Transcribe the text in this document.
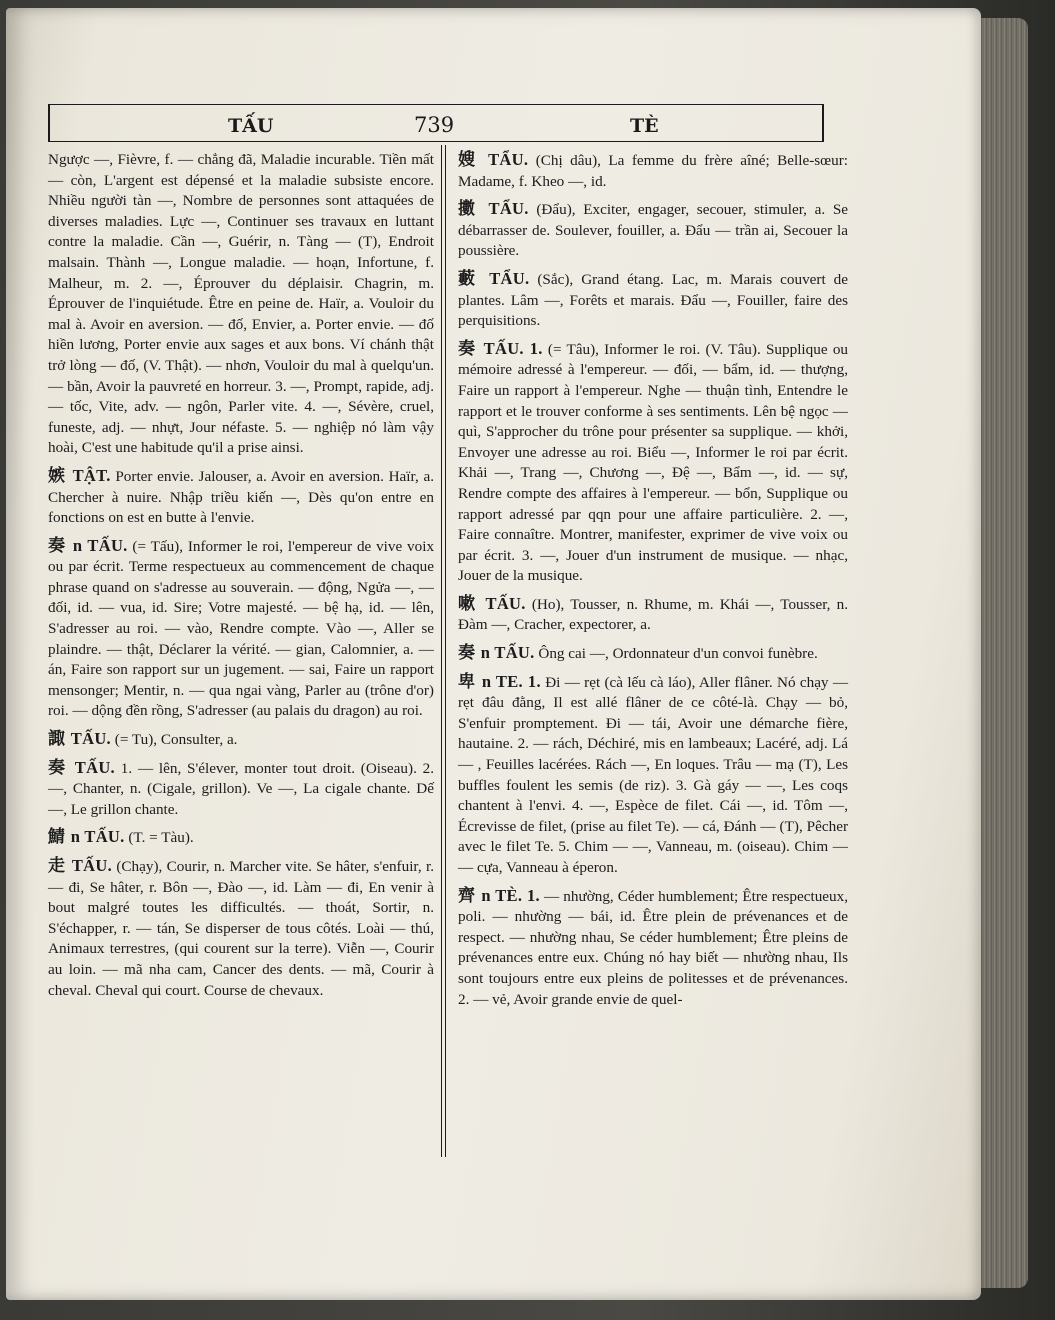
TẤU	739	TÈ

Ngược —, Fièvre, f. — chẳng đã, Maladie incurable. Tiền mất — còn, L'argent est dépensé et la maladie subsiste encore. Nhiều người tàn —, Nombre de personnes sont attaquées de diverses maladies. Lực —, Continuer ses travaux en luttant contre la maladie. Cần —, Guérir, n. Tàng — (T), Endroit malsain. Thành —, Longue maladie. — hoạn, Infortune, f. Malheur, m. 2. —, Éprouver du déplaisir. Chagrin, m. Éprouver de l'inquiétude. Être en peine de. Haïr, a. Vouloir du mal à. Avoir en aversion. — đố, Envier, a. Porter envie. — đố hiền lương, Porter envie aux sages et aux bons. Ví chánh thật trở lòng — đố, (V. Thật). — nhơn, Vouloir du mal à quelqu'un. — bần, Avoir la pauvreté en horreur. 3. —, Prompt, rapide, adj. — tốc, Vite, adv. — ngôn, Parler vite. 4. —, Sévère, cruel, funeste, adj. — nhựt, Jour néfaste. 5. — nghiệp nó làm vậy hoài, C'est une habitude qu'il a prise ainsi.

嫉 TẬT. Porter envie. Jalouser, a. Avoir en aversion. Haïr, a. Chercher à nuire. Nhập triều kiến —, Dès qu'on entre en fonctions on est en butte à l'envie.

奏 n TẤU. (= Tấu), Informer le roi, l'empereur de vive voix ou par écrit. Terme respectueux au commencement de chaque phrase quand on s'adresse au souverain. — động, Ngửa —, — đối, id. — vua, id. Sire; Votre majesté. — bệ hạ, id. — lên, S'adresser au roi. — vào, Rendre compte. Vào —, Aller se plaindre. — thật, Déclarer la vérité. — gian, Calomnier, a. — án, Faire son rapport sur un jugement. — sai, Faire un rapport mensonger; Mentir, n. — qua ngai vàng, Parler au (trône d'or) roi. — dộng đền rồng, S'adresser (au palais du dragon) au roi.

諏 TẤU. (= Tu), Consulter, a.

奏 TẤU. 1. — lên, S'élever, monter tout droit. (Oiseau). 2. —, Chanter, n. (Cigale, grillon). Ve —, La cigale chante. Dế —, Le grillon chante.

鯖 n TẤU. (T. = Tàu).

走 TẤU. (Chạy), Courir, n. Marcher vite. Se hâter, s'enfuir, r. — đi, Se hâter, r. Bôn —, Đào —, id. Làm — đi, En venir à bout malgré toutes les difficultés. — thoát, Sortir, n. S'échapper, r. — tán, Se disperser de tous côtés. Loài — thú, Animaux terrestres, (qui courent sur la terre). Viễn —, Courir au loin. — mã nha cam, Cancer des dents. — mã, Courir à cheval. Cheval qui court. Course de chevaux.

嫂 TẨU. (Chị dâu), La femme du frère aîné; Belle-sœur: Madame, f. Kheo —, id.

擻 TẨU. (Đẩu), Exciter, engager, secouer, stimuler, a. Se débarrasser de. Soulever, fouiller, a. Đẩu — trần ai, Secouer la poussière.

藪 TẨU. (Sắc), Grand étang. Lac, m. Marais couvert de plantes. Lâm —, Forêts et marais. Đẩu —, Fouiller, faire des perquisitions.

奏 TẤU. 1. (= Tâu), Informer le roi. (V. Tâu). Supplique ou mémoire adressé à l'empereur. — đối, — bẩm, id. — thượng, Faire un rapport à l'empereur. Nghe — thuận tình, Entendre le rapport et le trouver conforme à ses sentiments. Lên bệ ngọc — quì, S'approcher du trône pour présenter sa supplique. — khởi, Envoyer une adresse au roi. Biểu —, Informer le roi par écrit. Khải —, Trang —, Chương —, Đệ —, Bẩm —, id. — sự, Rendre compte des affaires à l'empereur. — bổn, Supplique ou rapport adressé par qqn pour une affaire particulière. 2. —, Faire connaître. Montrer, manifester, exprimer de vive voix ou par écrit. 3. —, Jouer d'un instrument de musique. — nhạc, Jouer de la musique.

嗽 TẤU. (Ho), Tousser, n. Rhume, m. Khái —, Tousser, n. Đàm —, Cracher, expectorer, a.

奏 n TẤU. Ông cai —, Ordonnateur d'un convoi funèbre.

卑 n TE. 1. Đi — rẹt (cà lếu cà láo), Aller flâner. Nó chạy — rẹt đâu đằng, Il est allé flâner de ce côté-là. Chạy — bỏ, S'enfuir promptement. Đi — tái, Avoir une démarche fière, hautaine. 2. — rách, Déchiré, mis en lambeaux; Lacéré, adj. Lá — , Feuilles lacérées. Rách —, En loques. Trâu — mạ (T), Les buffles foulent les semis (de riz). 3. Gà gáy — —, Les coqs chantent à l'envi. 4. —, Espèce de filet. Cái —, id. Tôm —, Écrevisse de filet, (prise au filet Te). — cá, Đánh — (T), Pêcher avec le filet Te. 5. Chim — —, Vanneau, m. (oiseau). Chim — — cựa, Vanneau à éperon.

齊 n TÈ. 1. — nhường, Céder humblement; Être respectueux, poli. — nhường — bái, id. Être plein de prévenances et de respect. — nhường nhau, Se céder humblement; Être pleins de prévenances entre eux. Chúng nó hay biết — nhường nhau, Ils sont toujours entre eux pleins de politesses et de prévenances. 2. — vẻ, Avoir grande envie de quel-
